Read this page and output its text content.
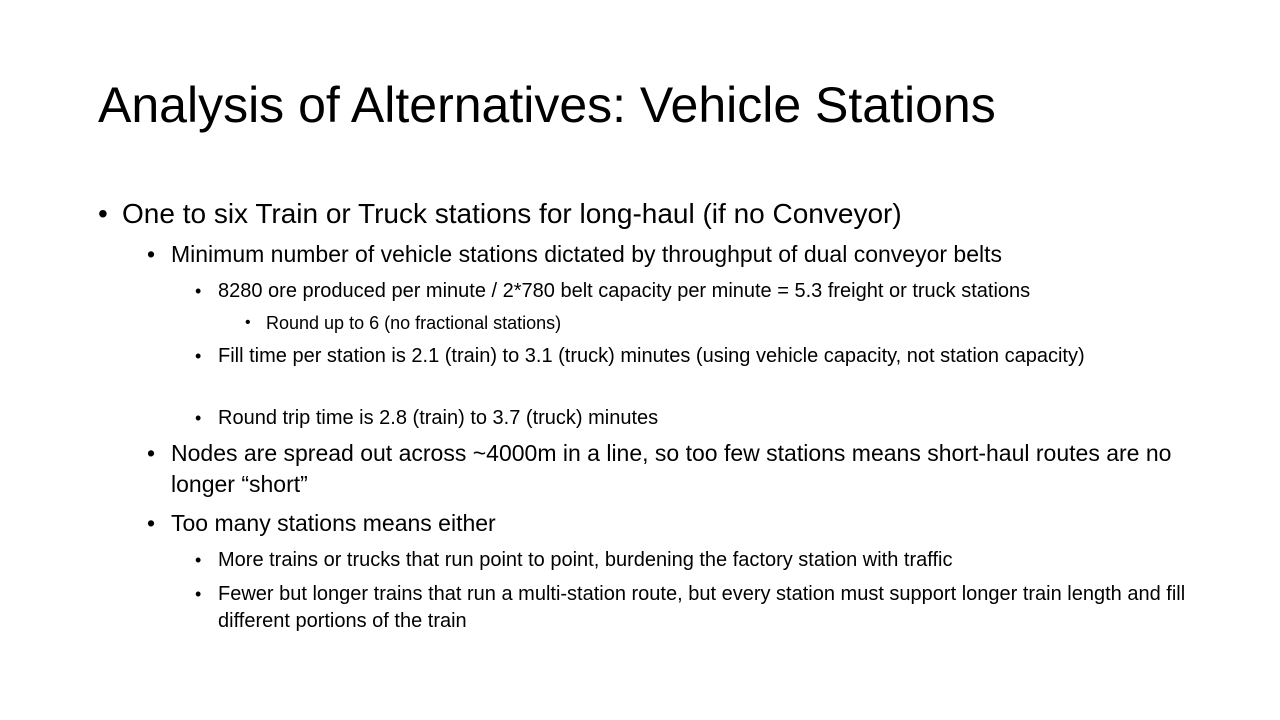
Analysis of Alternatives: Vehicle Stations
• One to six Train or Truck stations for long-haul (if no Conveyor)
• Minimum number of vehicle stations dictated by throughput of dual conveyor belts
• 8280 ore produced per minute / 2*780 belt capacity per minute = 5.3 freight or truck stations
• Round up to 6 (no fractional stations)
• Fill time per station is 2.1 (train) to 3.1 (truck) minutes (using vehicle capacity, not station capacity)
• Round trip time is 2.8 (train) to 3.7 (truck) minutes
• Nodes are spread out across ~4000m in a line, so too few stations means short-haul routes are no longer “short”
• Too many stations means either
• More trains or trucks that run point to point, burdening the factory station with traffic
• Fewer but longer trains that run a multi-station route, but every station must support longer train length and fill different portions of the train
